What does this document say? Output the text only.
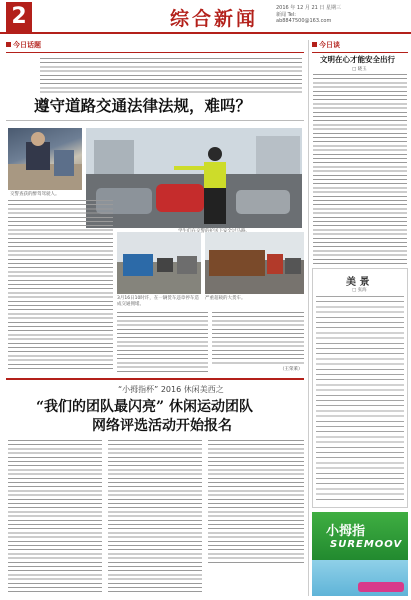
2	综合新闻	2016 年 12 月 21 日 星期三
新闻 Tel:
ab8847500@163.com
今日话题	今日谈
遵守道路交通法律法规，难吗？
交警查获的醉驾驾驶人。
3月16日10时许，在一辆货车违章停车造成交通拥堵。
严重超载的大货车。
（王荣莱）
“小拇指杯” 2016 休闲美西之
“我们的团队最闪亮” 休闲运动团队
网络评选活动开始报名
文明在心才能安全出行
□ 晓玉
美 景
□ 张海
小拇指
SUREMOOV
